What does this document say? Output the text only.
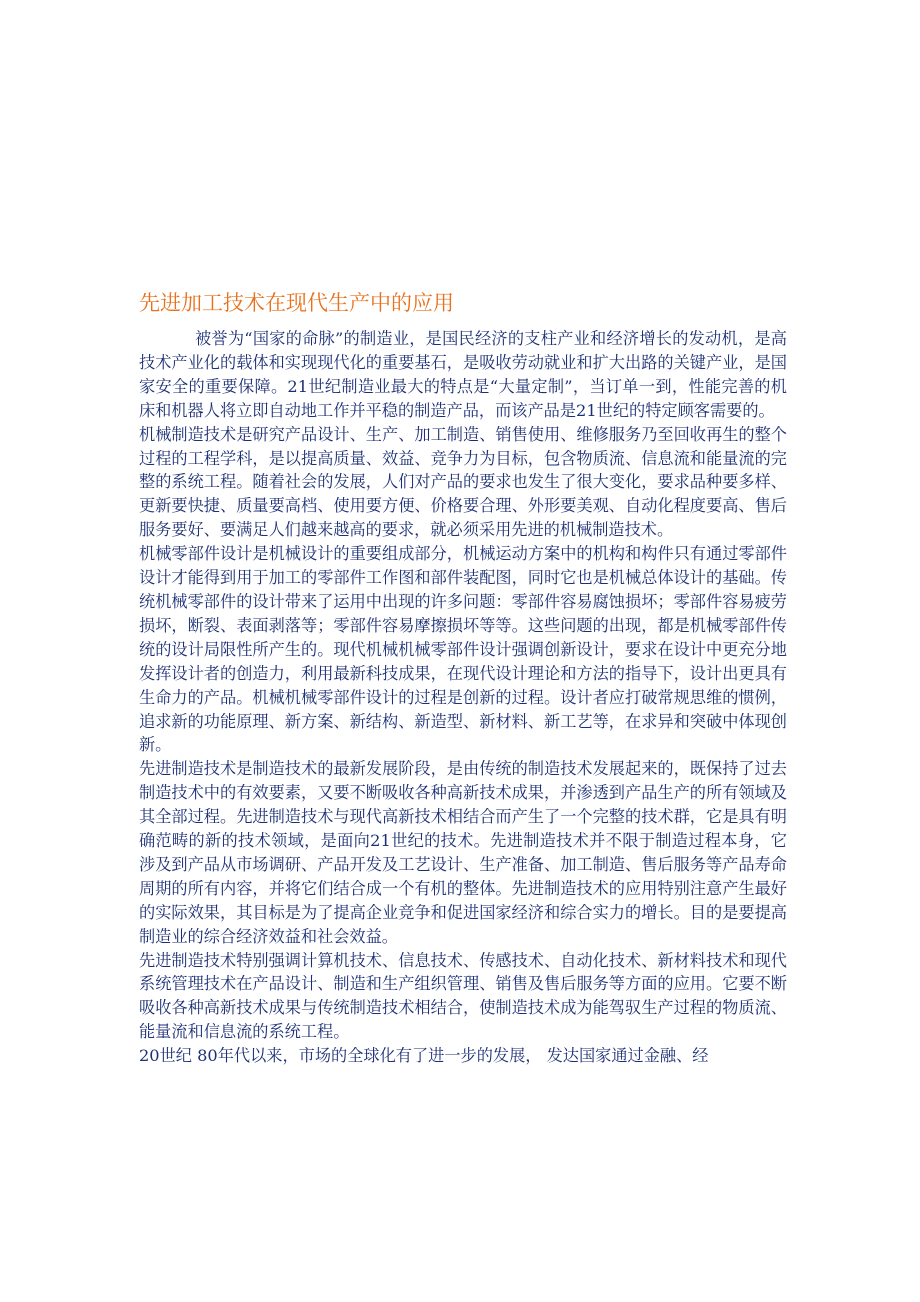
先进加工技术在现代生产中的应用

被誉为“国家的命脉”的制造业，是国民经济的支柱产业和经济增长的发动机，是高技术产业化的载体和实现现代化的重要基石，是吸收劳动就业和扩大出路的关键产业，是国家安全的重要保障。21世纪制造业最大的特点是“大量定制”，当订单一到，性能完善的机床和机器人将立即自动地工作并平稳的制造产品，而该产品是21世纪的特定顾客需要的。

机械制造技术是研究产品设计、生产、加工制造、销售使用、维修服务乃至回收再生的整个过程的工程学科，是以提高质量、效益、竞争力为目标，包含物质流、信息流和能量流的完整的系统工程。随着社会的发展，人们对产品的要求也发生了很大变化，要求品种要多样、更新要快捷、质量要高档、使用要方便、价格要合理、外形要美观、自动化程度要高、售后服务要好、要满足人们越来越高的要求，就必须采用先进的机械制造技术。

机械零部件设计是机械设计的重要组成部分，机械运动方案中的机构和构件只有通过零部件设计才能得到用于加工的零部件工作图和部件装配图，同时它也是机械总体设计的基础。传统机械零部件的设计带来了运用中出现的许多问题：零部件容易腐蚀损坏；零部件容易疲劳损坏，断裂、表面剥落等；零部件容易摩擦损坏等等。这些问题的出现，都是机械零部件传统的设计局限性所产生的。现代机械机械零部件设计强调创新设计，要求在设计中更充分地发挥设计者的创造力，利用最新科技成果，在现代设计理论和方法的指导下，设计出更具有生命力的产品。机械机械零部件设计的过程是创新的过程。设计者应打破常规思维的惯例，追求新的功能原理、新方案、新结构、新造型、新材料、新工艺等，在求异和突破中体现创新。

先进制造技术是制造技术的最新发展阶段，是由传统的制造技术发展起来的，既保持了过去制造技术中的有效要素，又要不断吸收各种高新技术成果，并渗透到产品生产的所有领域及其全部过程。先进制造技术与现代高新技术相结合而产生了一个完整的技术群，它是具有明确范畴的新的技术领域，是面向21世纪的技术。先进制造技术并不限于制造过程本身，它涉及到产品从市场调研、产品开发及工艺设计、生产准备、加工制造、售后服务等产品寿命周期的所有内容，并将它们结合成一个有机的整体。先进制造技术的应用特别注意产生最好的实际效果，其目标是为了提高企业竞争和促进国家经济和综合实力的增长。目的是要提高制造业的综合经济效益和社会效益。

先进制造技术特别强调计算机技术、信息技术、传感技术、自动化技术、新材料技术和现代系统管理技术在产品设计、制造和生产组织管理、销售及售后服务等方面的应用。它要不断吸收各种高新技术成果与传统制造技术相结合，使制造技术成为能驾驭生产过程的物质流、能量流和信息流的系统工程。

20世纪 80年代以来，市场的全球化有了进一步的发展， 发达国家通过金融、经
